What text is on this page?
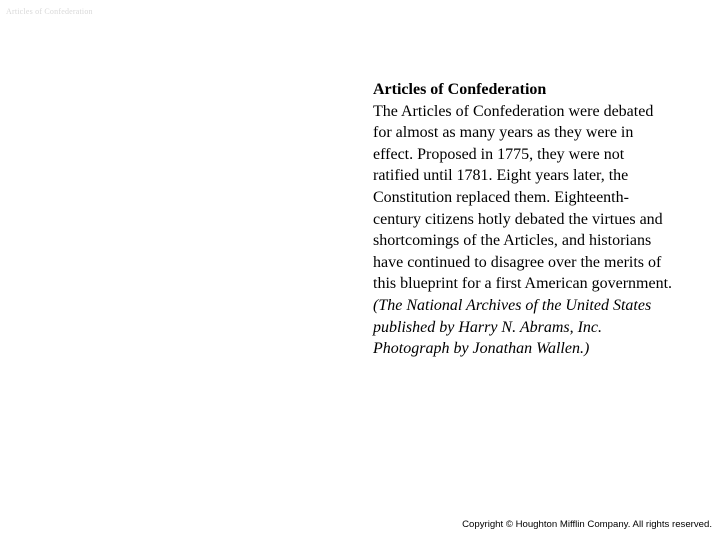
Articles of Confederation
Articles of Confederation
The Articles of Confederation were debated for almost as many years as they were in effect. Proposed in 1775, they were not ratified until 1781. Eight years later, the Constitution replaced them. Eighteenth-century citizens hotly debated the virtues and shortcomings of the Articles, and historians have continued to disagree over the merits of this blueprint for a first American government. (The National Archives of the United States published by Harry N. Abrams, Inc. Photograph by Jonathan Wallen.)
Copyright © Houghton Mifflin Company. All rights reserved.
